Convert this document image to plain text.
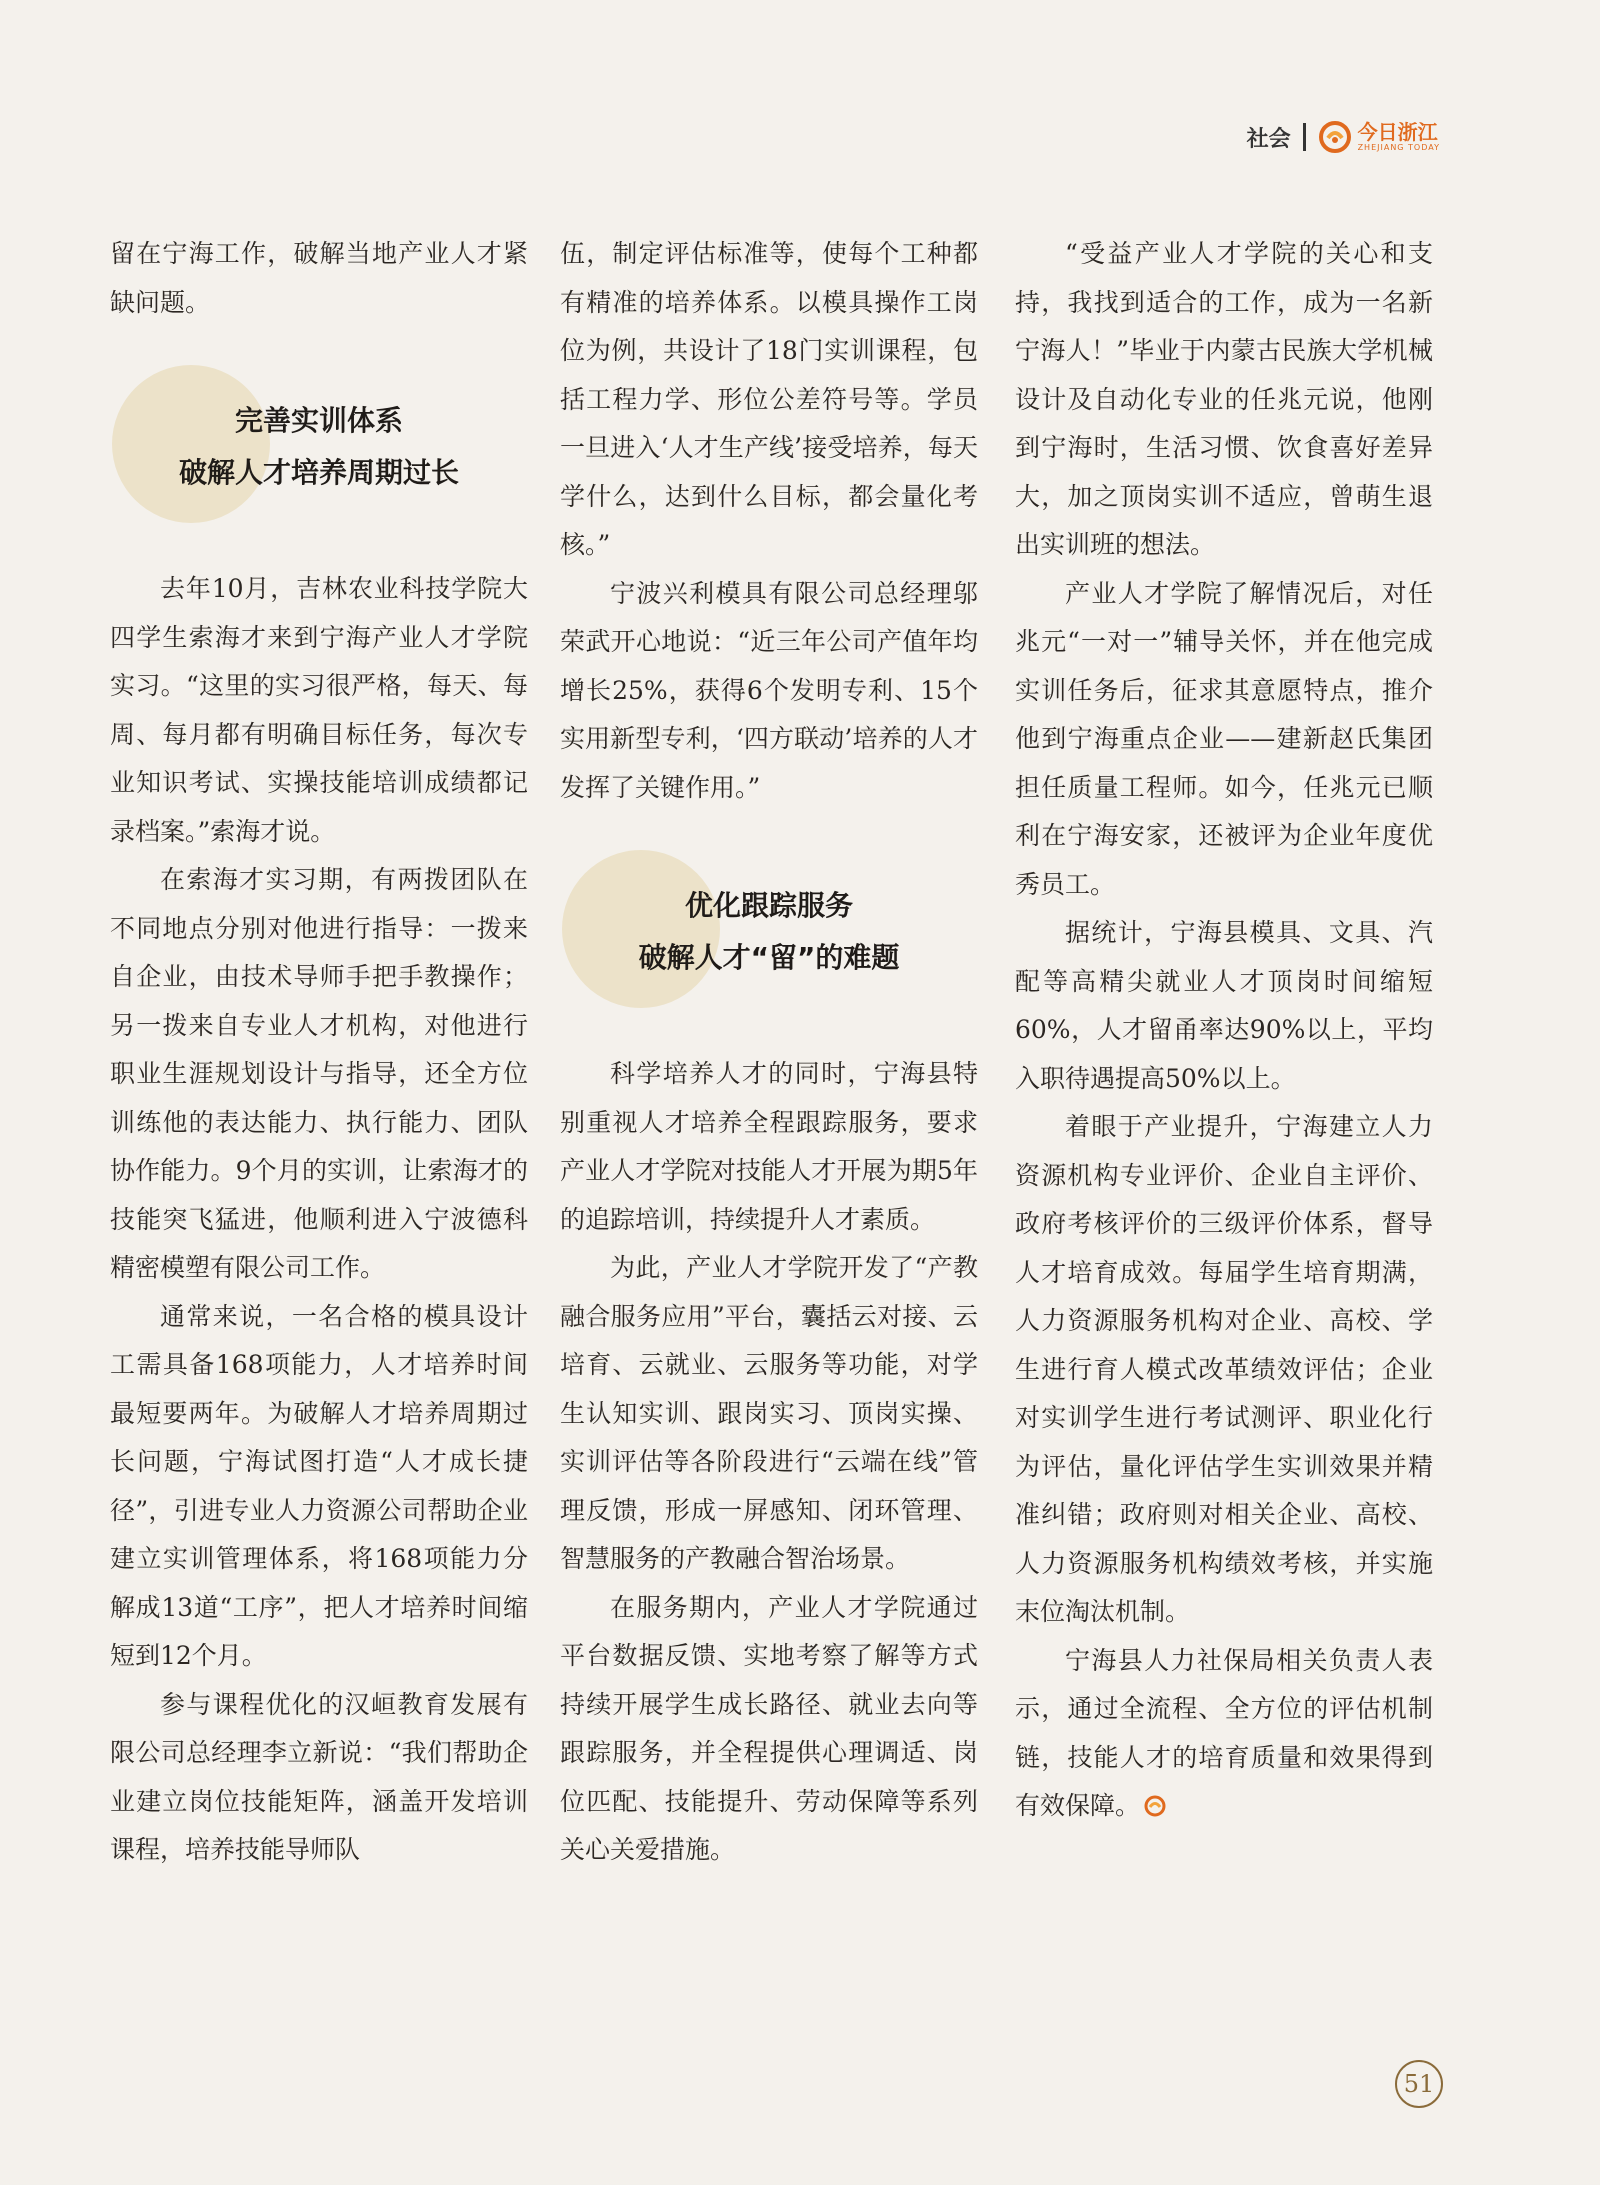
社会	今日浙江
ZHEJIANG TODAY

留在宁海工作，破解当地产业人才紧缺问题。

完善实训体系
破解人才培养周期过长

去年10月，吉林农业科技学院大四学生索海才来到宁海产业人才学院实习。“这里的实习很严格，每天、每周、每月都有明确目标任务，每次专业知识考试、实操技能培训成绩都记录档案。”索海才说。

在索海才实习期，有两拨团队在不同地点分别对他进行指导：一拨来自企业，由技术导师手把手教操作；另一拨来自专业人才机构，对他进行职业生涯规划设计与指导，还全方位训练他的表达能力、执行能力、团队协作能力。9个月的实训，让索海才的技能突飞猛进，他顺利进入宁波德科精密模塑有限公司工作。

通常来说，一名合格的模具设计工需具备168项能力，人才培养时间最短要两年。为破解人才培养周期过长问题，宁海试图打造“人才成长捷径”，引进专业人力资源公司帮助企业建立实训管理体系，将168项能力分解成13道“工序”，把人才培养时间缩短到12个月。

参与课程优化的汉峘教育发展有限公司总经理李立新说：“我们帮助企业建立岗位技能矩阵，涵盖开发培训课程，培养技能导师队

伍，制定评估标准等，使每个工种都有精准的培养体系。以模具操作工岗位为例，共设计了18门实训课程，包括工程力学、形位公差符号等。学员一旦进入‘人才生产线’接受培养，每天学什么，达到什么目标，都会量化考核。”

宁波兴利模具有限公司总经理邬荣武开心地说：“近三年公司产值年均增长25%，获得6个发明专利、15个实用新型专利，‘四方联动’培养的人才发挥了关键作用。”

优化跟踪服务
破解人才“留”的难题

科学培养人才的同时，宁海县特别重视人才培养全程跟踪服务，要求产业人才学院对技能人才开展为期5年的追踪培训，持续提升人才素质。

为此，产业人才学院开发了“产教融合服务应用”平台，囊括云对接、云培育、云就业、云服务等功能，对学生认知实训、跟岗实习、顶岗实操、实训评估等各阶段进行“云端在线”管理反馈，形成一屏感知、闭环管理、智慧服务的产教融合智治场景。

在服务期内，产业人才学院通过平台数据反馈、实地考察了解等方式持续开展学生成长路径、就业去向等跟踪服务，并全程提供心理调适、岗位匹配、技能提升、劳动保障等系列关心关爱措施。

“受益产业人才学院的关心和支持，我找到适合的工作，成为一名新宁海人！”毕业于内蒙古民族大学机械设计及自动化专业的任兆元说，他刚到宁海时，生活习惯、饮食喜好差异大，加之顶岗实训不适应，曾萌生退出实训班的想法。

产业人才学院了解情况后，对任兆元“一对一”辅导关怀，并在他完成实训任务后，征求其意愿特点，推介他到宁海重点企业——建新赵氏集团担任质量工程师。如今，任兆元已顺利在宁海安家，还被评为企业年度优秀员工。

据统计，宁海县模具、文具、汽配等高精尖就业人才顶岗时间缩短60%，人才留甬率达90%以上，平均入职待遇提高50%以上。

着眼于产业提升，宁海建立人力资源机构专业评价、企业自主评价、政府考核评价的三级评价体系，督导人才培育成效。每届学生培育期满，人力资源服务机构对企业、高校、学生进行育人模式改革绩效评估；企业对实训学生进行考试测评、职业化行为评估，量化评估学生实训效果并精准纠错；政府则对相关企业、高校、人力资源服务机构绩效考核，并实施末位淘汰机制。

宁海县人力社保局相关负责人表示，通过全流程、全方位的评估机制链，技能人才的培育质量和效果得到有效保障。

51
